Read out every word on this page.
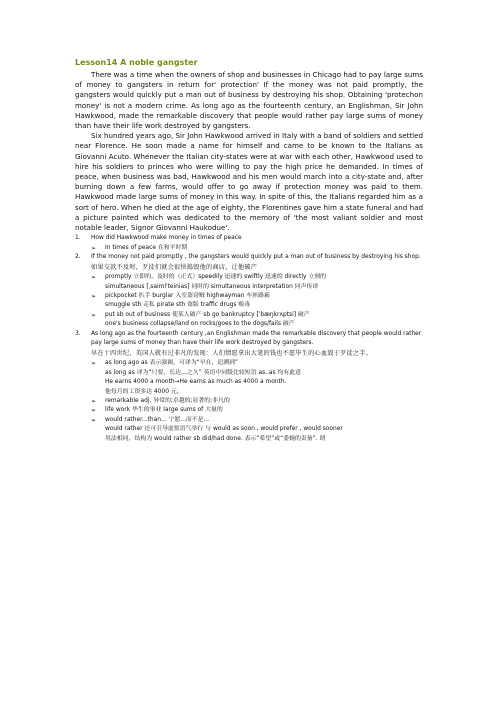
Lesson14 A noble gangster

There was a time when the owners of shop and businesses in Chicago had to pay large sums of money to gangsters in return for' protection' If the money was not paid promptly, the gangsters would quickly put a man out of business by destroying his shop. Obtaining 'protechon money' is not a modern crime. As long ago as the fourteenth century, an Englishman, Sir John Hawkwood, made the remarkable discovery that people would rather pay large sums of money than have their life work destroyed by gangsters.

Six hundred years ago, Sir John Hawkwood arrived in Italy with a band of soldiers and settled near Florence. He soon made a name for himself and came to be known to the Italians as Giovanni Acuto. Whenever the Italian city-states were at war with each other, Hawkwood used to hire his soldiers to princes who were willing to pay the high price he demanded. In times of peace, when business was bad, Hawkwood and his men would march into a city-state and, after burning down a few farms, would offer to go away if protection money was paid to them. Hawkwood made large sums of money in this way. In spite of this, the Italians regarded him as a sort of hero. When he died at the age of eighty, the Florentines gave him a state funeral and had a picture painted which was dedicated to the memory of 'the most valiant soldier and most notable leader, Signor Giovanni Haukodue'.

1.	How did Hawkwood make money in times of peace
➢	In times of peace 在和平时期
2.	If the money not paid promptly , the gangsters would quickly put a man out of business by destroying his shop.
如果交款不及时，歹徒们就会很快捣毁他的商店，让他破产
➢	promptly 立即的，及时的（正式）speedily 迅速的 swiftly 迅速的 directly 立刻的
simultaneous [ˌsaiml'teinias] 同时的 simultaneous interpretation 同声传译
➢	pickpocket 扒手 burglar 入室盗窃贼 highwayman 车匪路霸
smuggle sth 走私 pirate sth 盗版 traffic drugs 贩毒
➢	put sb out of business 使某人破产 sb go bankruptcy [ˈbæŋkrʌptsi] 破产
one's business collapse/land on rocks/goes to the dogs/fails 破产
3.	As long ago as the fourteenth century ,an Englishman made the remarkable discovery that people would rather pay large sums of money than have their life work destroyed by gangsters.
早在十四世纪，英国人就有过非凡的发现：人们情愿拿出大笔的钱也不愿毕生的心血毁于歹徒之手。
➢	as long ago as 表示强调，可译为“早在，追溯到”
as long as 译为“只要，长达…之久” 英语中同级比较短语 as..as 均有此意
He earns 4000 a month→He earns as much as 4000 a month.
他每月的工资多达 4000 元。
➢	remarkable adj. 异常的;卓越的;显著的;非凡的
➢	life work 毕生的事业 large sums of 大量的
➢	would rather...than... 宁愿...而不是...
would rather 还可引导虚拟语气举行 与 would as soon , would prefer , would sooner
用法相同，结构为 would rather sb did/had done. 表示“希望”或“委婉的责备”. 谓
